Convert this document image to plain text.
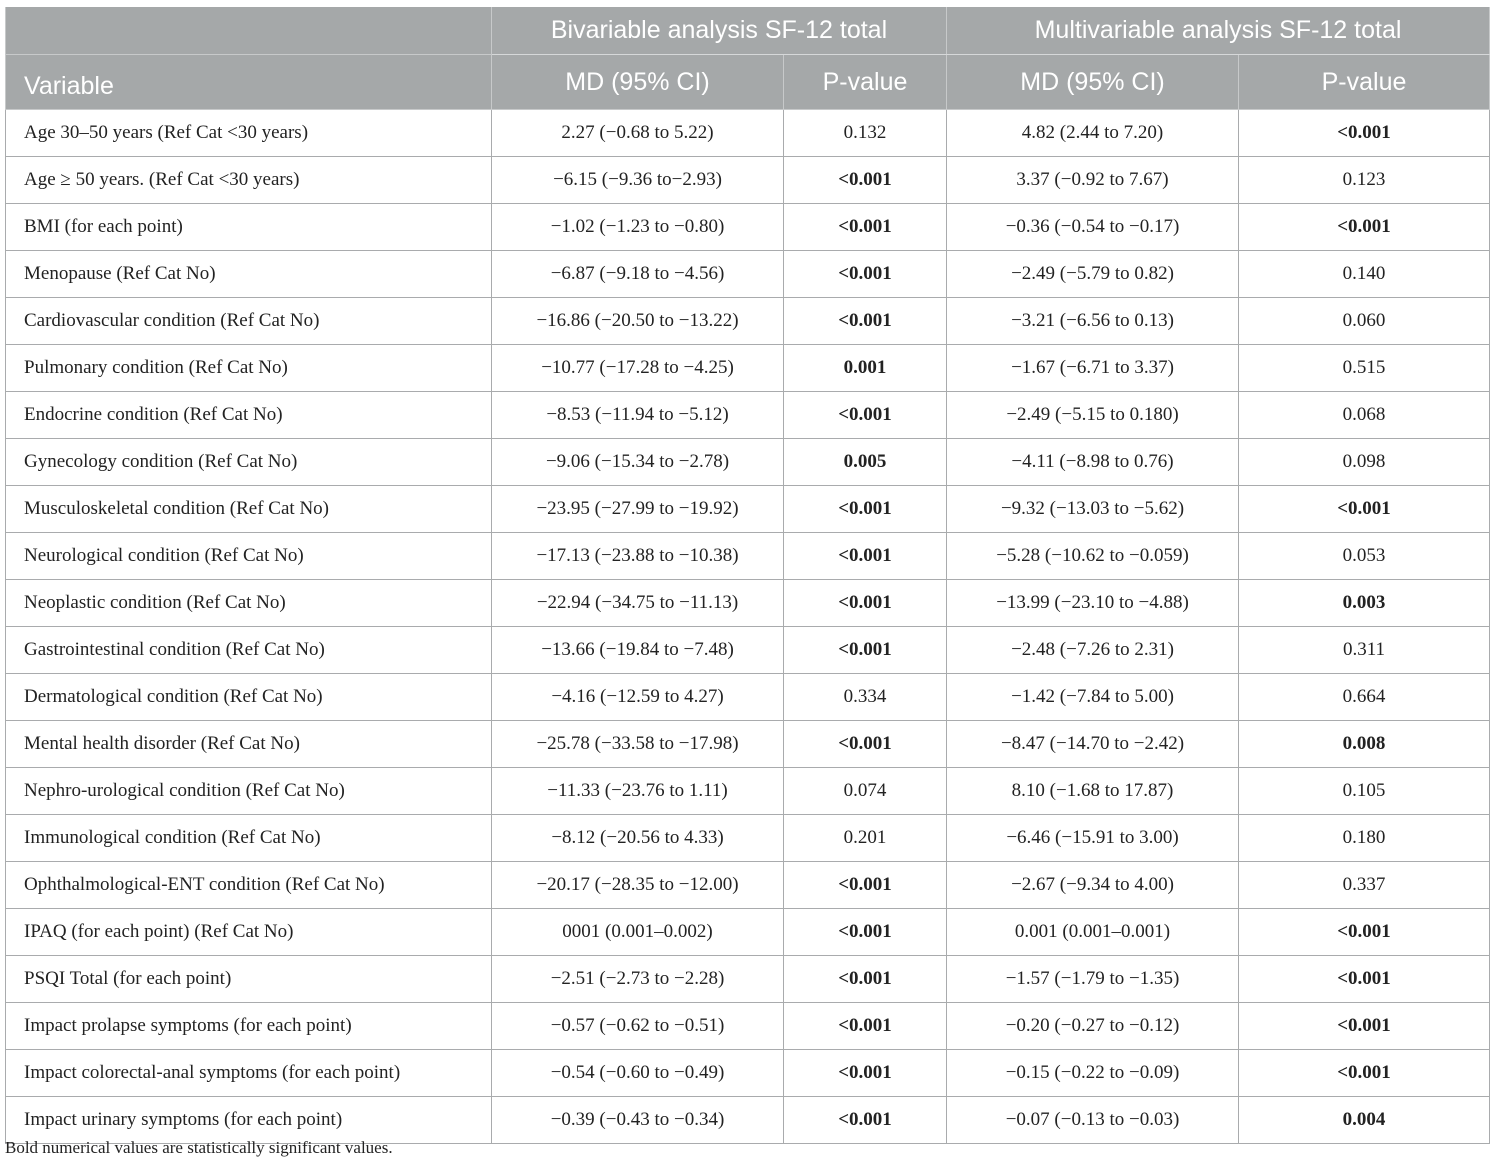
	Bivariable analysis SF-12 total		Multivariable analysis SF-12 total	
Variable	MD (95% CI)	P-value	MD (95% CI)	P-value
Age 30–50 years (Ref Cat <30 years)	2.27 (−0.68 to 5.22)	0.132	4.82 (2.44 to 7.20)	<0.001
Age ≥ 50 years. (Ref Cat <30 years)	−6.15 (−9.36 to−2.93)	<0.001	3.37 (−0.92 to 7.67)	0.123
BMI (for each point)	−1.02 (−1.23 to −0.80)	<0.001	−0.36 (−0.54 to −0.17)	<0.001
Menopause (Ref Cat No)	−6.87 (−9.18 to −4.56)	<0.001	−2.49 (−5.79 to 0.82)	0.140
Cardiovascular condition (Ref Cat No)	−16.86 (−20.50 to −13.22)	<0.001	−3.21 (−6.56 to 0.13)	0.060
Pulmonary condition (Ref Cat No)	−10.77 (−17.28 to −4.25)	0.001	−1.67 (−6.71 to 3.37)	0.515
Endocrine condition (Ref Cat No)	−8.53 (−11.94 to −5.12)	<0.001	−2.49 (−5.15 to 0.180)	0.068
Gynecology condition (Ref Cat No)	−9.06 (−15.34 to −2.78)	0.005	−4.11 (−8.98 to 0.76)	0.098
Musculoskeletal condition (Ref Cat No)	−23.95 (−27.99 to −19.92)	<0.001	−9.32 (−13.03 to −5.62)	<0.001
Neurological condition (Ref Cat No)	−17.13 (−23.88 to −10.38)	<0.001	−5.28 (−10.62 to −0.059)	0.053
Neoplastic condition (Ref Cat No)	−22.94 (−34.75 to −11.13)	<0.001	−13.99 (−23.10 to −4.88)	0.003
Gastrointestinal condition (Ref Cat No)	−13.66 (−19.84 to −7.48)	<0.001	−2.48 (−7.26 to 2.31)	0.311
Dermatological condition (Ref Cat No)	−4.16 (−12.59 to 4.27)	0.334	−1.42 (−7.84 to 5.00)	0.664
Mental health disorder (Ref Cat No)	−25.78 (−33.58 to −17.98)	<0.001	−8.47 (−14.70 to −2.42)	0.008
Nephro-urological condition (Ref Cat No)	−11.33 (−23.76 to 1.11)	0.074	8.10 (−1.68 to 17.87)	0.105
Immunological condition (Ref Cat No)	−8.12 (−20.56 to 4.33)	0.201	−6.46 (−15.91 to 3.00)	0.180
Ophthalmological-ENT condition (Ref Cat No)	−20.17 (−28.35 to −12.00)	<0.001	−2.67 (−9.34 to 4.00)	0.337
IPAQ (for each point) (Ref Cat No)	0001 (0.001–0.002)	<0.001	0.001 (0.001–0.001)	<0.001
PSQI Total (for each point)	−2.51 (−2.73 to −2.28)	<0.001	−1.57 (−1.79 to −1.35)	<0.001
Impact prolapse symptoms (for each point)	−0.57 (−0.62 to −0.51)	<0.001	−0.20 (−0.27 to −0.12)	<0.001
Impact colorectal-anal symptoms (for each point)	−0.54 (−0.60 to −0.49)	<0.001	−0.15 (−0.22 to −0.09)	<0.001
Impact urinary symptoms (for each point)	−0.39 (−0.43 to −0.34)	<0.001	−0.07 (−0.13 to −0.03)	0.004
Bold numerical values are statistically significant values.
